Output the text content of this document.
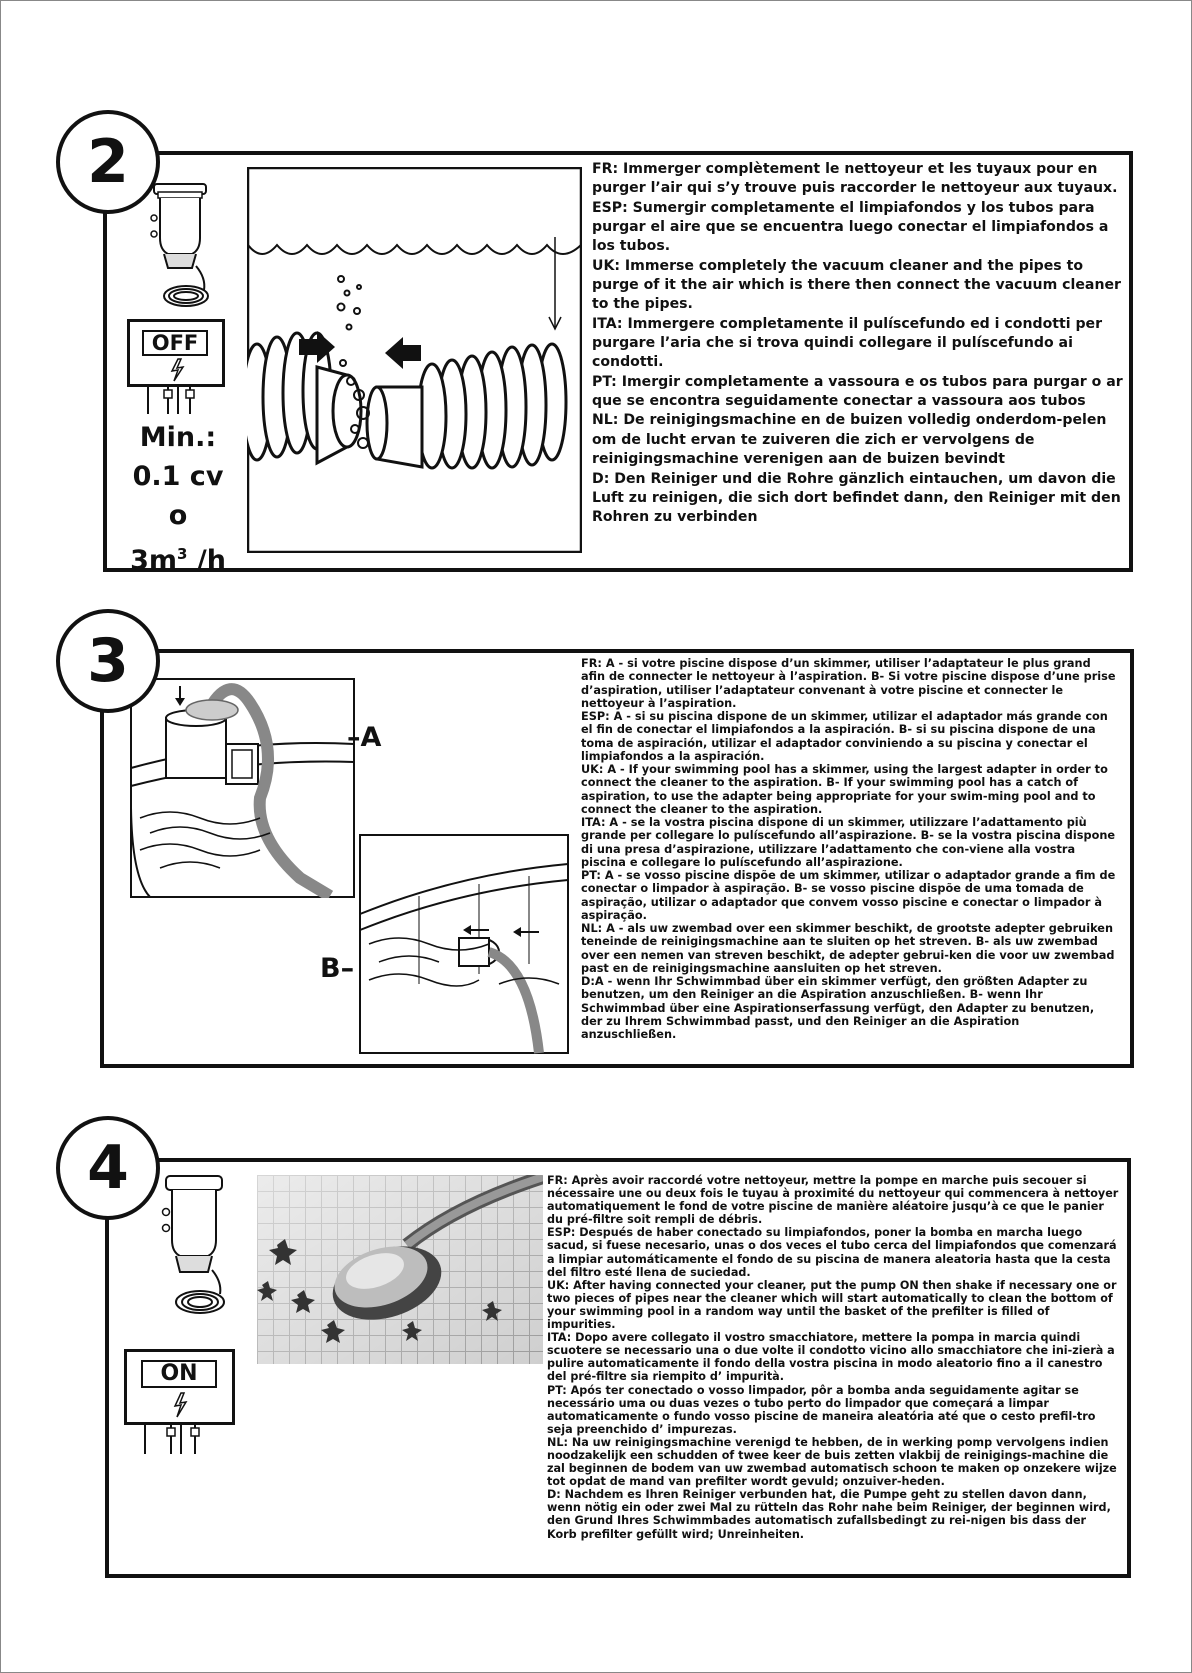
2
OFF
Min.:
0.1 cv
o
$3m^3$ /h

FR: Immerger complètement le nettoyeur et les tuyaux pour en purger l’air qui s’y trouve puis raccorder le nettoyeur aux tuyaux.

ESP: Sumergir completamente el limpiafondos y los tubos para purgar el aire que se encuentra luego conectar el limpiafondos a los tubos.

UK: Immerse completely the vacuum cleaner and the pipes to purge of it the air which is there then connect the vacuum cleaner to the pipes.

ITA: Immergere completamente il pulíscefundo ed i condotti per purgare l’aria che si trova quindi collegare il pulíscefundo ai condotti.

PT: Imergir completamente a vassoura e os tubos para purgar o ar que se encontra seguidamente conectar a vassoura aos tubos

NL: De reinigingsmachine en de buizen volledig onderdom-pelen om de lucht ervan te zuiveren die zich er vervolgens de reinigingsmachine verenigen aan de buizen bevindt

D: Den Reiniger und die Rohre gänzlich eintauchen, um davon die Luft zu reinigen, die sich dort befindet dann, den Reiniger mit den Rohren zu verbinden

3
–A
B–

FR: A - si votre piscine dispose d’un skimmer, utiliser l’adaptateur le plus grand afin de connecter le nettoyeur à l’aspiration. B- Si votre piscine dispose d’une prise d’aspiration, utiliser l’adaptateur convenant à votre piscine et connecter le nettoyeur à l’aspiration.

ESP: A - si su piscina dispone de un skimmer, utilizar el adaptador más grande con el fin de conectar el limpiafondos a la aspiración. B- si su piscina dispone de una toma de aspiración, utilizar el adaptador conviniendo a su piscina y conectar el limpiafondos a la aspiración.

UK: A - If your swimming pool has a skimmer, using the largest adapter in order to connect the cleaner to the aspiration. B- If your swimming pool has a catch of aspiration, to use the adapter being appropriate for your swim-ming pool and to connect the cleaner to the aspiration.

ITA: A - se la vostra piscina dispone di un skimmer, utilizzare l’adattamento più grande per collegare lo pulíscefundo all’aspirazione. B- se la vostra piscina dispone di una presa d’aspirazione, utilizzare l’adattamento che con-viene alla vostra piscina e collegare lo pulíscefundo all’aspirazione.

PT: A - se vosso piscine dispõe de um skimmer, utilizar o adaptador grande a fim de conectar o limpador à aspiração. B- se vosso piscine dispõe de uma tomada de aspiração, utilizar o adaptador que convem vosso piscine e conectar o limpador à aspiração.

NL: A - als uw zwembad over een skimmer beschikt, de grootste adepter gebruiken teneinde de reinigingsmachine aan te sluiten op het streven. B- als uw zwembad over een nemen van streven beschikt, de adepter gebrui-ken die voor uw zwembad past en de reinigingsmachine aansluiten op het streven.

D:A - wenn Ihr Schwimmbad über ein skimmer verfügt, den größten Adapter zu benutzen, um den Reiniger an die Aspiration anzuschließen. B- wenn Ihr Schwimmbad über eine Aspirationserfassung verfügt, den Adapter zu benutzen, der zu Ihrem Schwimmbad passt, und den Reiniger an die Aspiration anzuschließen.

4
ON

FR: Après avoir raccordé votre nettoyeur, mettre la pompe en marche puis secouer si nécessaire une ou deux fois le tuyau à proximité du nettoyeur qui commencera à nettoyer automatiquement le fond de votre piscine de manière aléatoire jusqu’à ce que le panier du pré-filtre soit rempli de débris.

ESP: Después de haber conectado su limpiafondos, poner la bomba en marcha luego sacud, si fuese necesario, unas o dos veces el tubo cerca del limpiafondos que comenzará a limpiar automáticamente el fondo de su piscina de manera aleatoria hasta que la cesta del filtro esté llena de suciedad.

UK: After having connected your cleaner, put the pump ON then shake if necessary one or two pieces of pipes near the cleaner which will start automatically to clean the bottom of your swimming pool in a random way until the basket of the prefilter is filled of impurities.

ITA: Dopo avere collegato il vostro smacchiatore, mettere la pompa in marcia quindi scuotere se necessario una o due volte il condotto vicino allo smacchiatore che ini-zierà a pulire automaticamente il fondo della vostra piscina in modo aleatorio fino a il canestro del pré-filtre sia riempito d’ impurità.

PT: Após ter conectado o vosso limpador, pôr a bomba anda seguidamente agitar se necessário uma ou duas vezes o tubo perto do limpador que começará a limpar automaticamente o fundo vosso piscine de maneira aleatória até que o cesto prefil-tro seja preenchido d’ impurezas.

NL: Na uw reinigingsmachine verenigd te hebben, de in werking pomp vervolgens indien noodzakelijk een schudden of twee keer de buis zetten vlakbij de reinigings-machine die zal beginnen de bodem van uw zwembad automatisch schoon te maken op onzekere wijze tot opdat de mand van prefilter wordt gevuld; onzuiver-heden.

D: Nachdem es Ihren Reiniger verbunden hat, die Pumpe geht zu stellen davon dann, wenn nötig ein oder zwei Mal zu rütteln das Rohr nahe beim Reiniger, der beginnen wird, den Grund Ihres Schwimmbades automatisch zufallsbedingt zu rei-nigen bis dass der Korb prefilter gefüllt wird; Unreinheiten.
